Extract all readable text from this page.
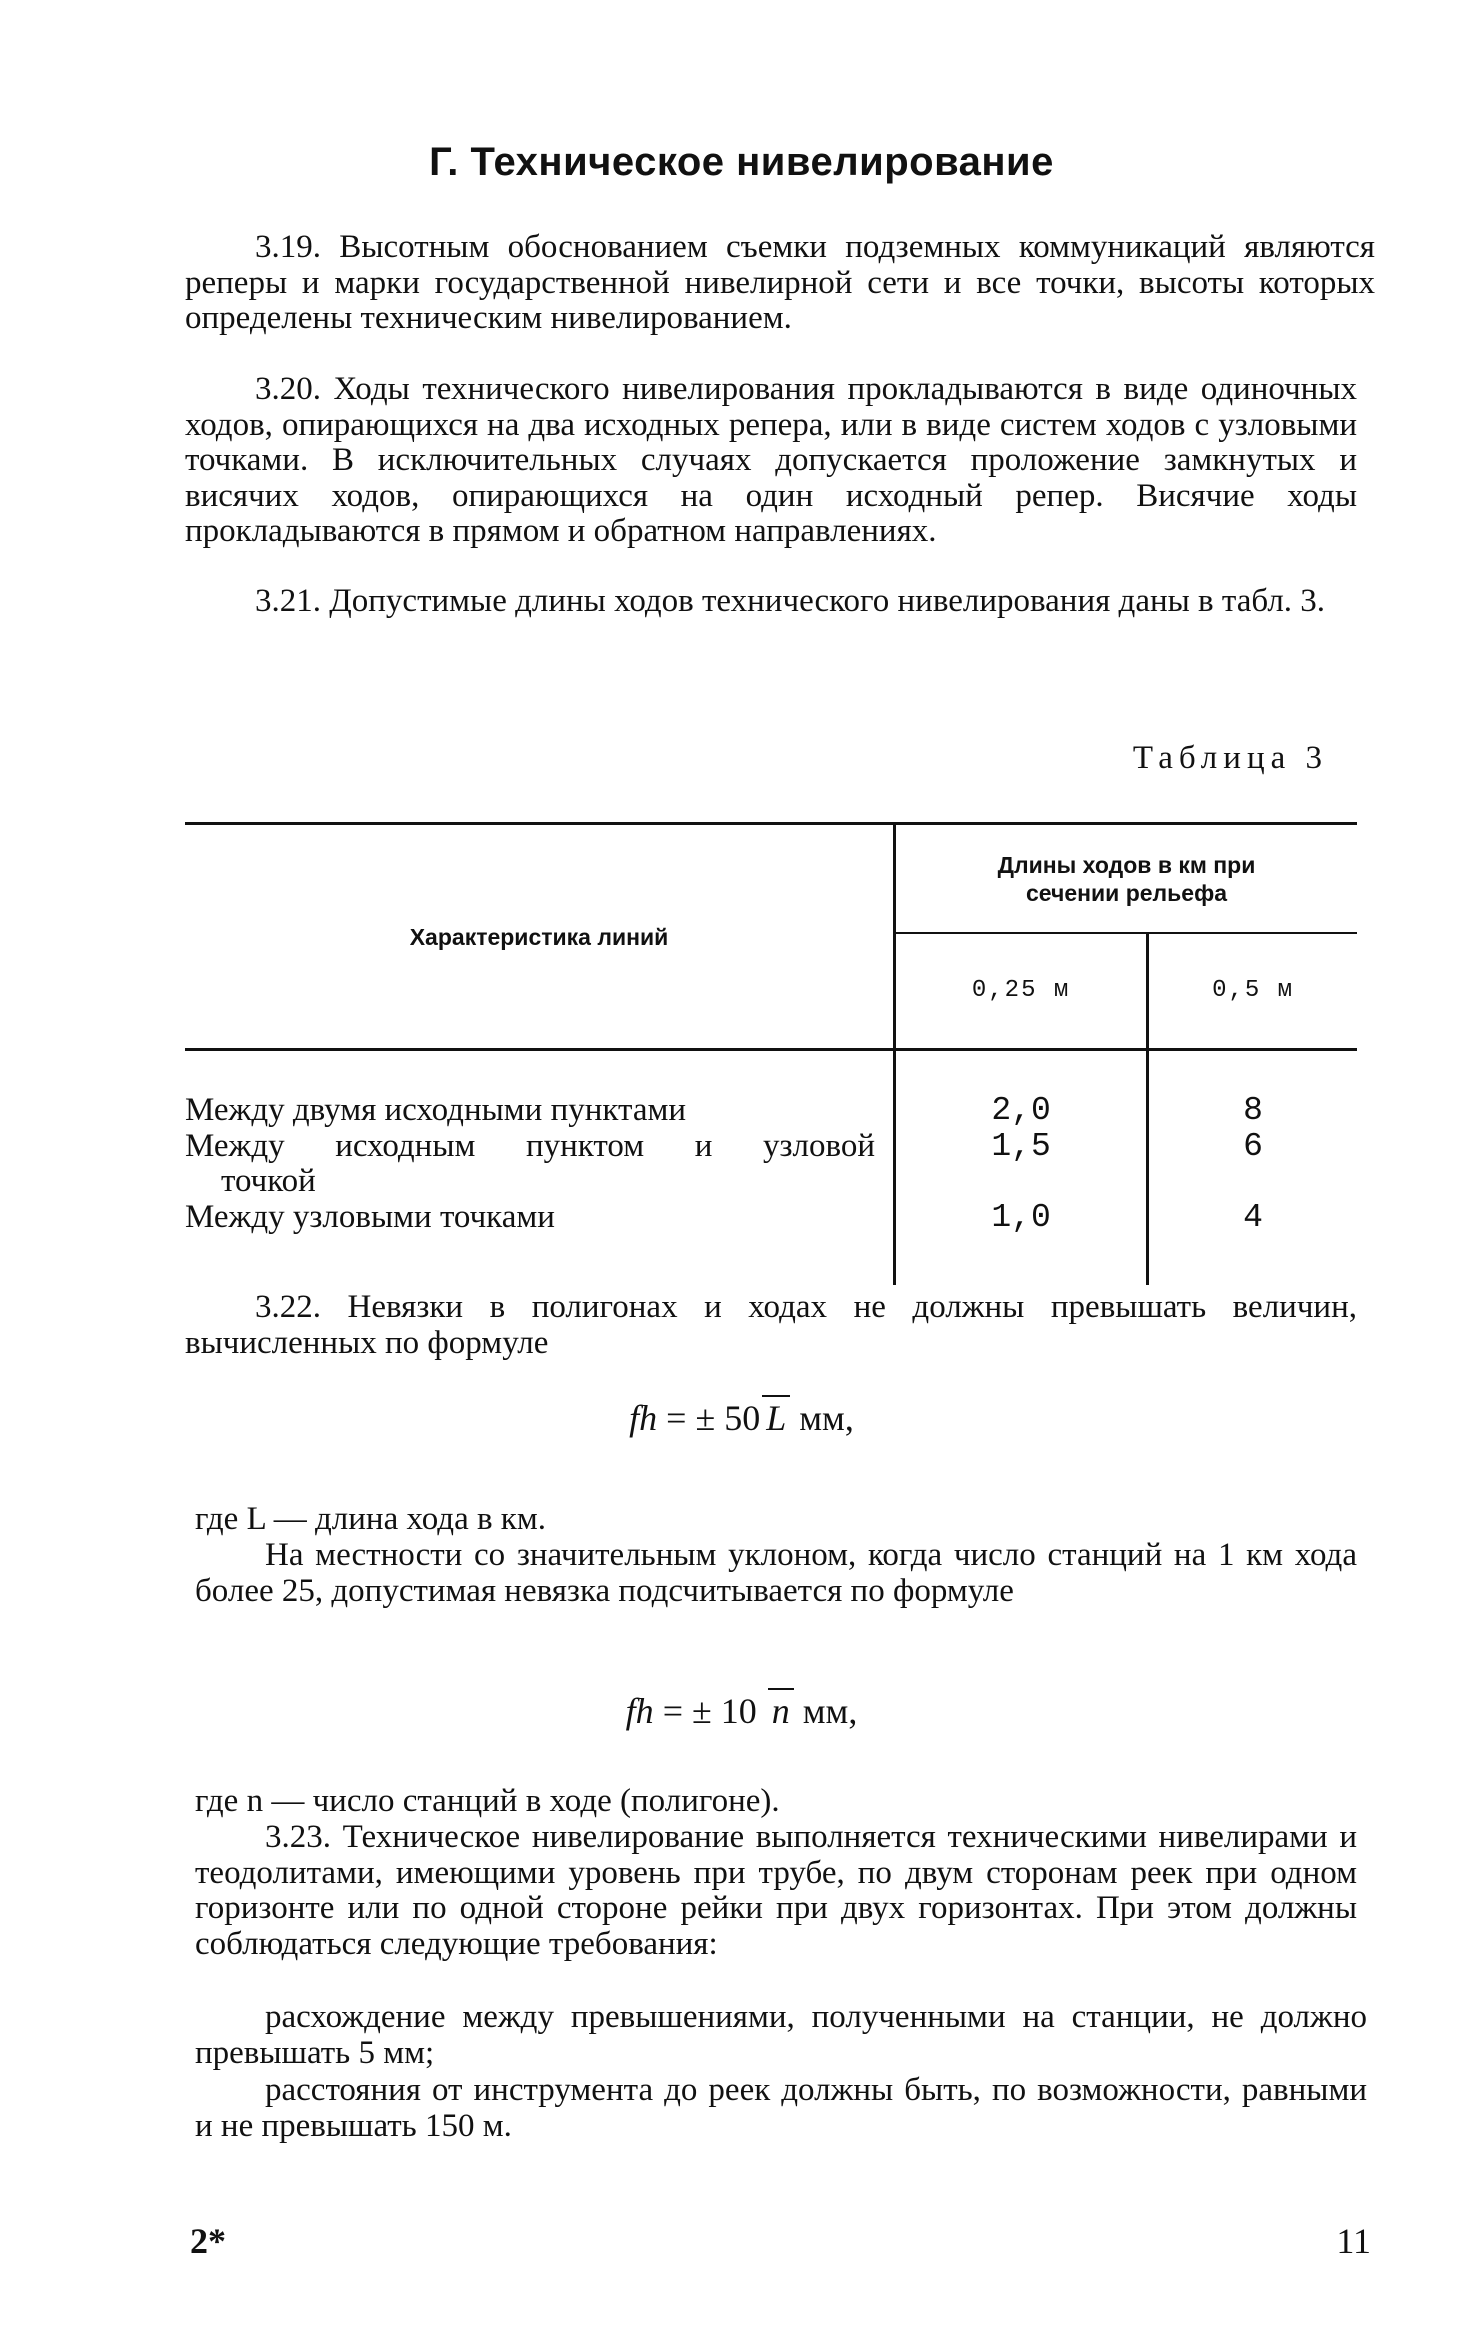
Г. Техническое нивелирование

3.19. Высотным обоснованием съемки подземных коммуникаций являются реперы и марки государственной нивелирной сети и все точки, высоты которых определены техническим нивелированием.

3.20. Ходы технического нивелирования прокладываются в виде одиночных ходов, опирающихся на два исходных репера, или в виде систем ходов с узловыми точками. В исключительных случаях допускается проложение замкнутых и висячих ходов, опирающихся на один исходный репер. Висячие ходы прокладываются в прямом и обратном направлениях.

3.21. Допустимые длины ходов технического нивелирования даны в табл. 3.

Таблица 3

Характеристика линий	Длины ходов в км при сечении рельефа	
	0,25 м	0,5 м
Между двумя исходными пунктами	2,0	8

Между исходным пунктом и узловой
точкой	1,5	6
Между узловыми точками	1,0	4

3.22. Невязки в полигонах и ходах не должны превышать величин, вычисленных по формуле

fh = ± 50 L мм,

где L — длина хода в км.

На местности со значительным уклоном, когда число станций на 1 км хода более 25, допустимая невязка подсчитывается по формуле

fh = ± 10 n мм,

где n — число станций в ходе (полигоне).

3.23. Техническое нивелирование выполняется техническими нивелирами и теодолитами, имеющими уровень при трубе, по двум сторонам реек при одном горизонте или по одной стороне рейки при двух горизонтах. При этом должны соблюдаться следующие требования:

расхождение между превышениями, полученными на станции, не должно превышать 5 мм;

расстояния от инструмента до реек должны быть, по возможности, равными и не превышать 150 м.

2*	11
